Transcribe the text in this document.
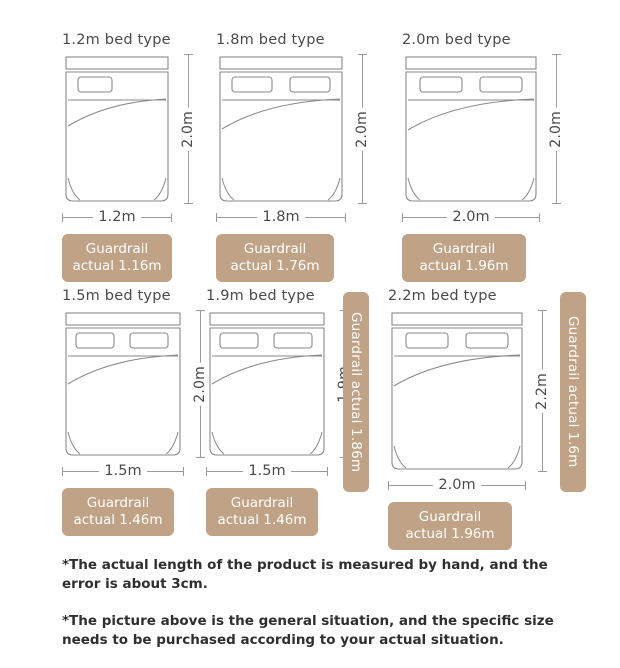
1.2m bed type
2.0m
1.2m
Guardrail
actual 1.16m
1.8m bed type
2.0m
1.8m
Guardrail
actual 1.76m
2.0m bed type
2.0m
2.0m
Guardrail
actual 1.96m
1.5m bed type
2.0m
1.5m
Guardrail
actual 1.46m
1.9m bed type
1.5m
Guardrail
actual 1.46m
Guardrail actual 1.86m
2.2m bed type
2.2m
2.0m
Guardrail
actual 1.96m
Guardrail actual 1.6m
*The actual length of the product is measured by hand, and the error is about 3cm.
*The picture above is the general situation, and the specific size needs to be purchased according to your actual situation.
